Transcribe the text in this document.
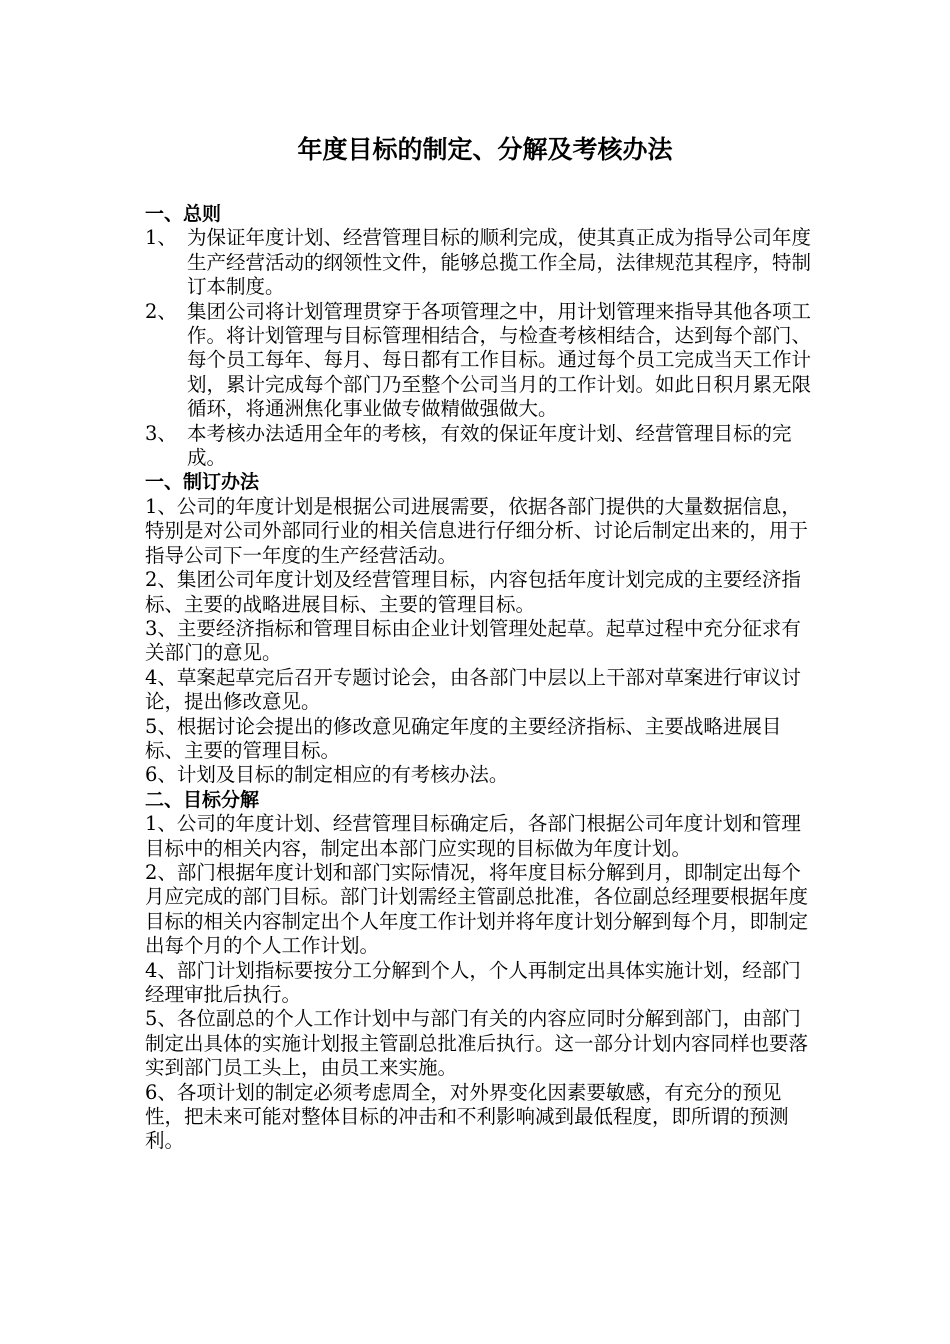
年度目标的制定、分解及考核办法
一、总则
1、 为保证年度计划、经营管理目标的顺利完成，使其真正成为指导公司年度生产经营活动的纲领性文件，能够总揽工作全局，法律规范其程序，特制订本制度。
2、 集团公司将计划管理贯穿于各项管理之中，用计划管理来指导其他各项工作。将计划管理与目标管理相结合，与检查考核相结合，达到每个部门、每个员工每年、每月、每日都有工作目标。通过每个员工完成当天工作计划，累计完成每个部门乃至整个公司当月的工作计划。如此日积月累无限循环，将通洲焦化事业做专做精做强做大。
3、 本考核办法适用全年的考核，有效的保证年度计划、经营管理目标的完成。
一、制订办法

1、公司的年度计划是根据公司进展需要，依据各部门提供的大量数据信息，特别是对公司外部同行业的相关信息进行仔细分析、讨论后制定出来的，用于指导公司下一年度的生产经营活动。

2、集团公司年度计划及经营管理目标，内容包括年度计划完成的主要经济指标、主要的战略进展目标、主要的管理目标。

3、主要经济指标和管理目标由企业计划管理处起草。起草过程中充分征求有关部门的意见。

4、草案起草完后召开专题讨论会，由各部门中层以上干部对草案进行审议讨论，提出修改意见。

5、根据讨论会提出的修改意见确定年度的主要经济指标、主要战略进展目标、主要的管理目标。

6、计划及目标的制定相应的有考核办法。

二、目标分解

1、公司的年度计划、经营管理目标确定后，各部门根据公司年度计划和管理目标中的相关内容，制定出本部门应实现的目标做为年度计划。

2、部门根据年度计划和部门实际情况，将年度目标分解到月，即制定出每个月应完成的部门目标。部门计划需经主管副总批准，各位副总经理要根据年度目标的相关内容制定出个人年度工作计划并将年度计划分解到每个月，即制定出每个月的个人工作计划。

4、部门计划指标要按分工分解到个人，个人再制定出具体实施计划，经部门经理审批后执行。

5、各位副总的个人工作计划中与部门有关的内容应同时分解到部门，由部门制定出具体的实施计划报主管副总批准后执行。这一部分计划内容同样也要落实到部门员工头上，由员工来实施。

6、各项计划的制定必须考虑周全，对外界变化因素要敏感，有充分的预见性，把未来可能对整体目标的冲击和不利影响减到最低程度，即所谓的预测利。
